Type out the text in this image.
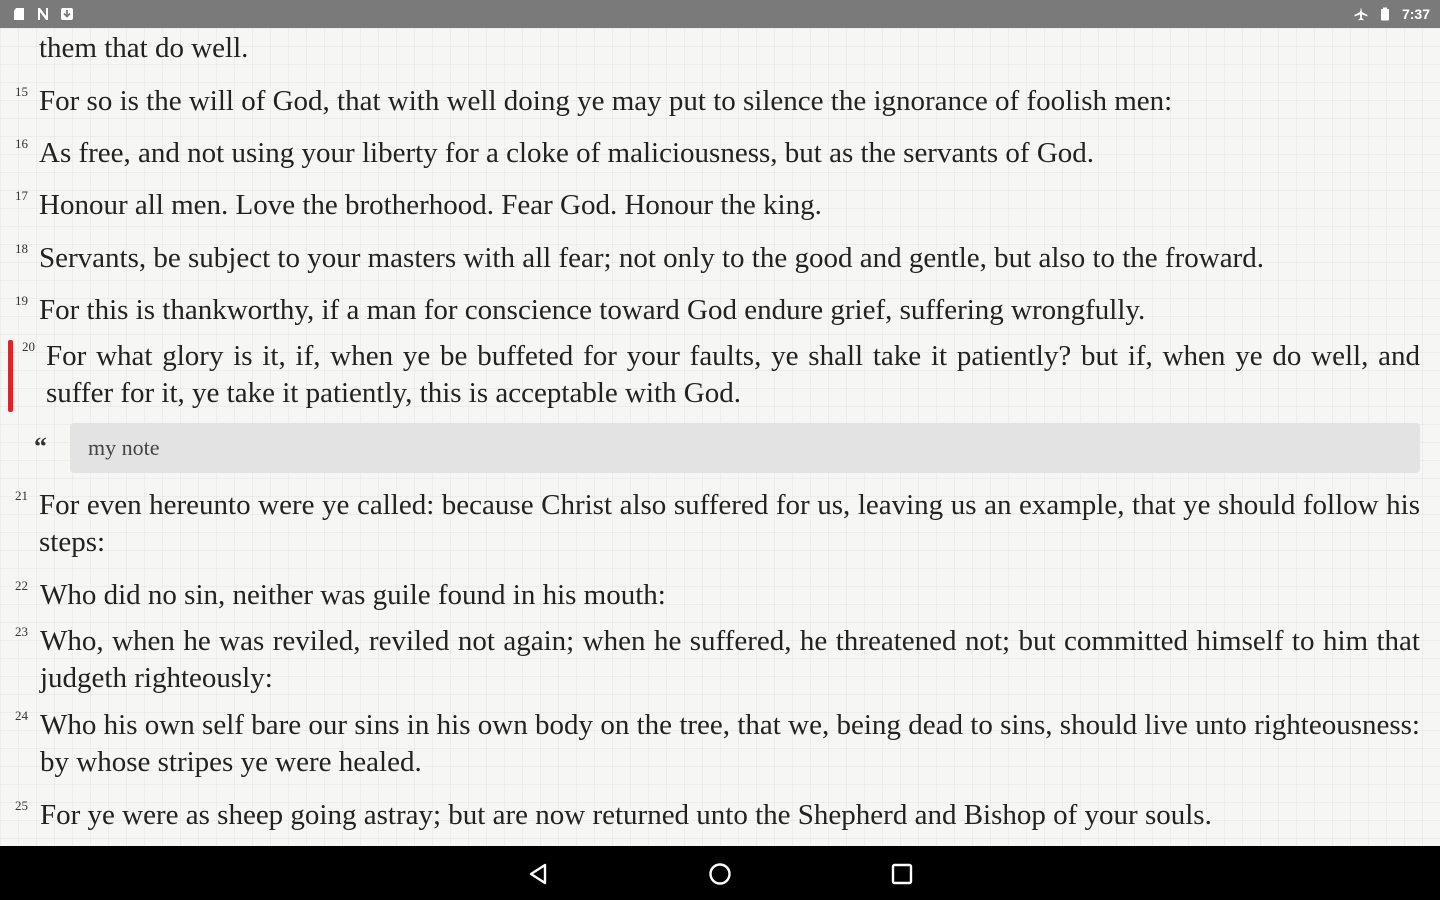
7:37
them that do well.
15 For so is the will of God, that with well doing ye may put to silence the ignorance of foolish men:
16 As free, and not using your liberty for a cloke of maliciousness, but as the servants of God.
17 Honour all men. Love the brotherhood. Fear God. Honour the king.
18 Servants, be subject to your masters with all fear; not only to the good and gentle, but also to the froward.
19 For this is thankworthy, if a man for conscience toward God endure grief, suffering wrongfully.
20 For what glory is it, if, when ye be buffeted for your faults, ye shall take it patiently? but if, when ye do well, and suffer for it, ye take it patiently, this is acceptable with God.
“ my note
21 For even hereunto were ye called: because Christ also suffered for us, leaving us an example, that ye should follow his steps:
22 Who did no sin, neither was guile found in his mouth:
23 Who, when he was reviled, reviled not again; when he suffered, he threatened not; but committed himself to him that judgeth righteously:
24 Who his own self bare our sins in his own body on the tree, that we, being dead to sins, should live unto righteousness: by whose stripes ye were healed.
25 For ye were as sheep going astray; but are now returned unto the Shepherd and Bishop of your souls.
